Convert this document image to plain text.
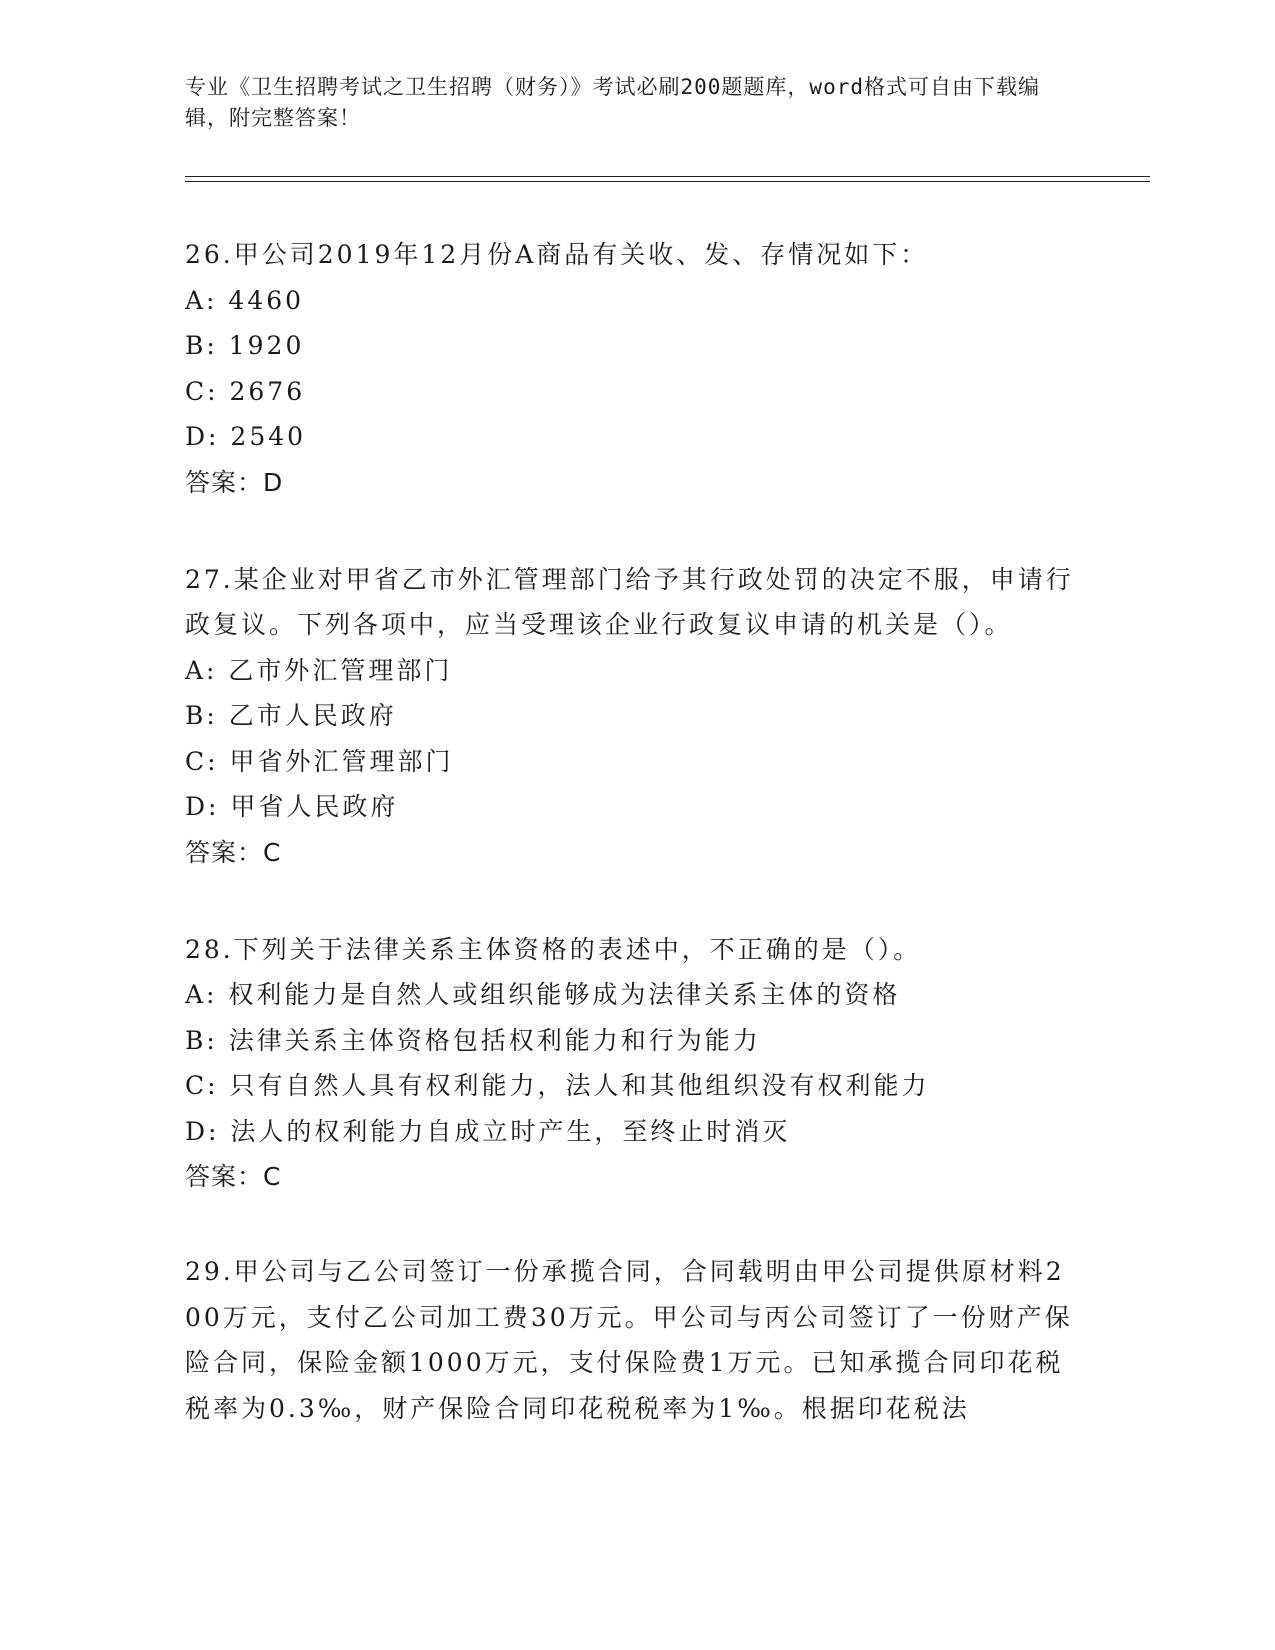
专业《卫生招聘考试之卫生招聘（财务）》考试必刷200题题库，word格式可自由下载编辑，附完整答案！
26.甲公司2019年12月份A商品有关收、发、存情况如下：
A: 4460
B: 1920
C: 2676
D: 2540
答案：D
27.某企业对甲省乙市外汇管理部门给予其行政处罚的决定不服，申请行政复议。下列各项中，应当受理该企业行政复议申请的机关是（）。
A: 乙市外汇管理部门
B: 乙市人民政府
C: 甲省外汇管理部门
D: 甲省人民政府
答案：C
28.下列关于法律关系主体资格的表述中，不正确的是（）。
A: 权利能力是自然人或组织能够成为法律关系主体的资格
B: 法律关系主体资格包括权利能力和行为能力
C: 只有自然人具有权利能力，法人和其他组织没有权利能力
D: 法人的权利能力自成立时产生，至终止时消灭
答案：C
29.甲公司与乙公司签订一份承揽合同，合同载明由甲公司提供原材料200万元，支付乙公司加工费30万元。甲公司与丙公司签订了一份财产保险合同，保险金额1000万元，支付保险费1万元。已知承揽合同印花税税率为0.3‰，财产保险合同印花税税率为1‰。根据印花税法
